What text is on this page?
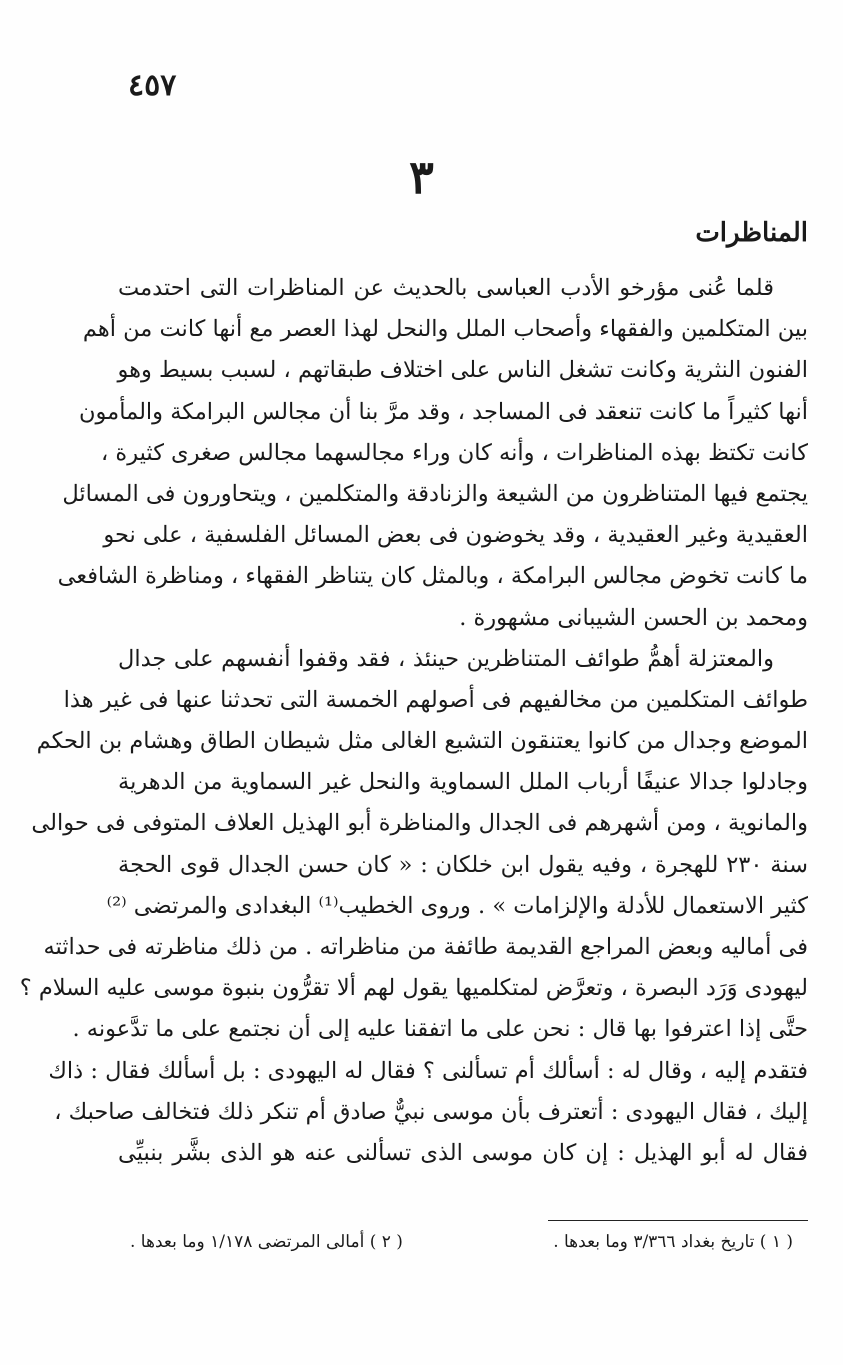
٤٥٧
٣
المناظرات
قلما عُنى مؤرخو الأدب العباسى بالحديث عن المناظرات التى احتدمت
بين المتكلمين والفقهاء وأصحاب الملل والنحل لهذا العصر مع أنها كانت من أهم
الفنون النثرية وكانت تشغل الناس على اختلاف طبقاتهم ، لسبب بسيط وهو
أنها كثيراً ما كانت تنعقد فى المساجد ، وقد مرَّ بنا أن مجالس البرامكة والمأمون
كانت تكتظ بهذه المناظرات ، وأنه كان وراء مجالسهما مجالس صغرى كثيرة ،
يجتمع فيها المتناظرون من الشيعة والزنادقة والمتكلمين ، ويتحاورون فى المسائل
العقيدية وغير العقيدية ، وقد يخوضون فى بعض المسائل الفلسفية ، على نحو
ما كانت تخوض مجالس البرامكة ، وبالمثل كان يتناظر الفقهاء ، ومناظرة الشافعى
ومحمد بن الحسن الشيبانى مشهورة .
والمعتزلة أهمُّ طوائف المتناظرين حينئذ ، فقد وقفوا أنفسهم على جدال
طوائف المتكلمين من مخالفيهم فى أصولهم الخمسة التى تحدثنا عنها فى غير هذا
الموضع وجدال من كانوا يعتنقون التشيع الغالى مثل شيطان الطاق وهشام بن الحكم
وجادلوا جدالا عنيفًا أرباب الملل السماوية والنحل غير السماوية من الدهرية
والمانوية ، ومن أشهرهم فى الجدال والمناظرة أبو الهذيل العلاف المتوفى فى حوالى
سنة ٢٣٠ للهجرة ، وفيه يقول ابن خلكان : « كان حسن الجدال قوى الحجة
كثير الاستعمال للأدلة والإلزامات » . وروى الخطيب⁽¹⁾ البغدادى والمرتضى ⁽²⁾
فى أماليه وبعض المراجع القديمة طائفة من مناظراته . من ذلك مناظرته فى حداثته
ليهودى وَرَد البصرة ، وتعرَّض لمتكلميها يقول لهم ألا تقرُّون بنبوة موسى عليه السلام ؟
حتَّى إذا اعترفوا بها قال : نحن على ما اتفقنا عليه إلى أن نجتمع على ما تدَّعونه .
فتقدم إليه ، وقال له : أسألك أم تسألنى ؟ فقال له اليهودى : بل أسألك فقال : ذاك
إليك ، فقال اليهودى : أتعترف بأن موسى نبيٌّ صادق أم تنكر ذلك فتخالف صاحبك ،
فقال له أبو الهذيل : إن كان موسى الذى تسألنى عنه هو الذى بشَّر بنبيِّى
( ١ ) تاريخ بغداد ٣/٣٦٦ وما بعدها .
( ٢ ) أمالى المرتضى ١/١٧٨ وما بعدها .
